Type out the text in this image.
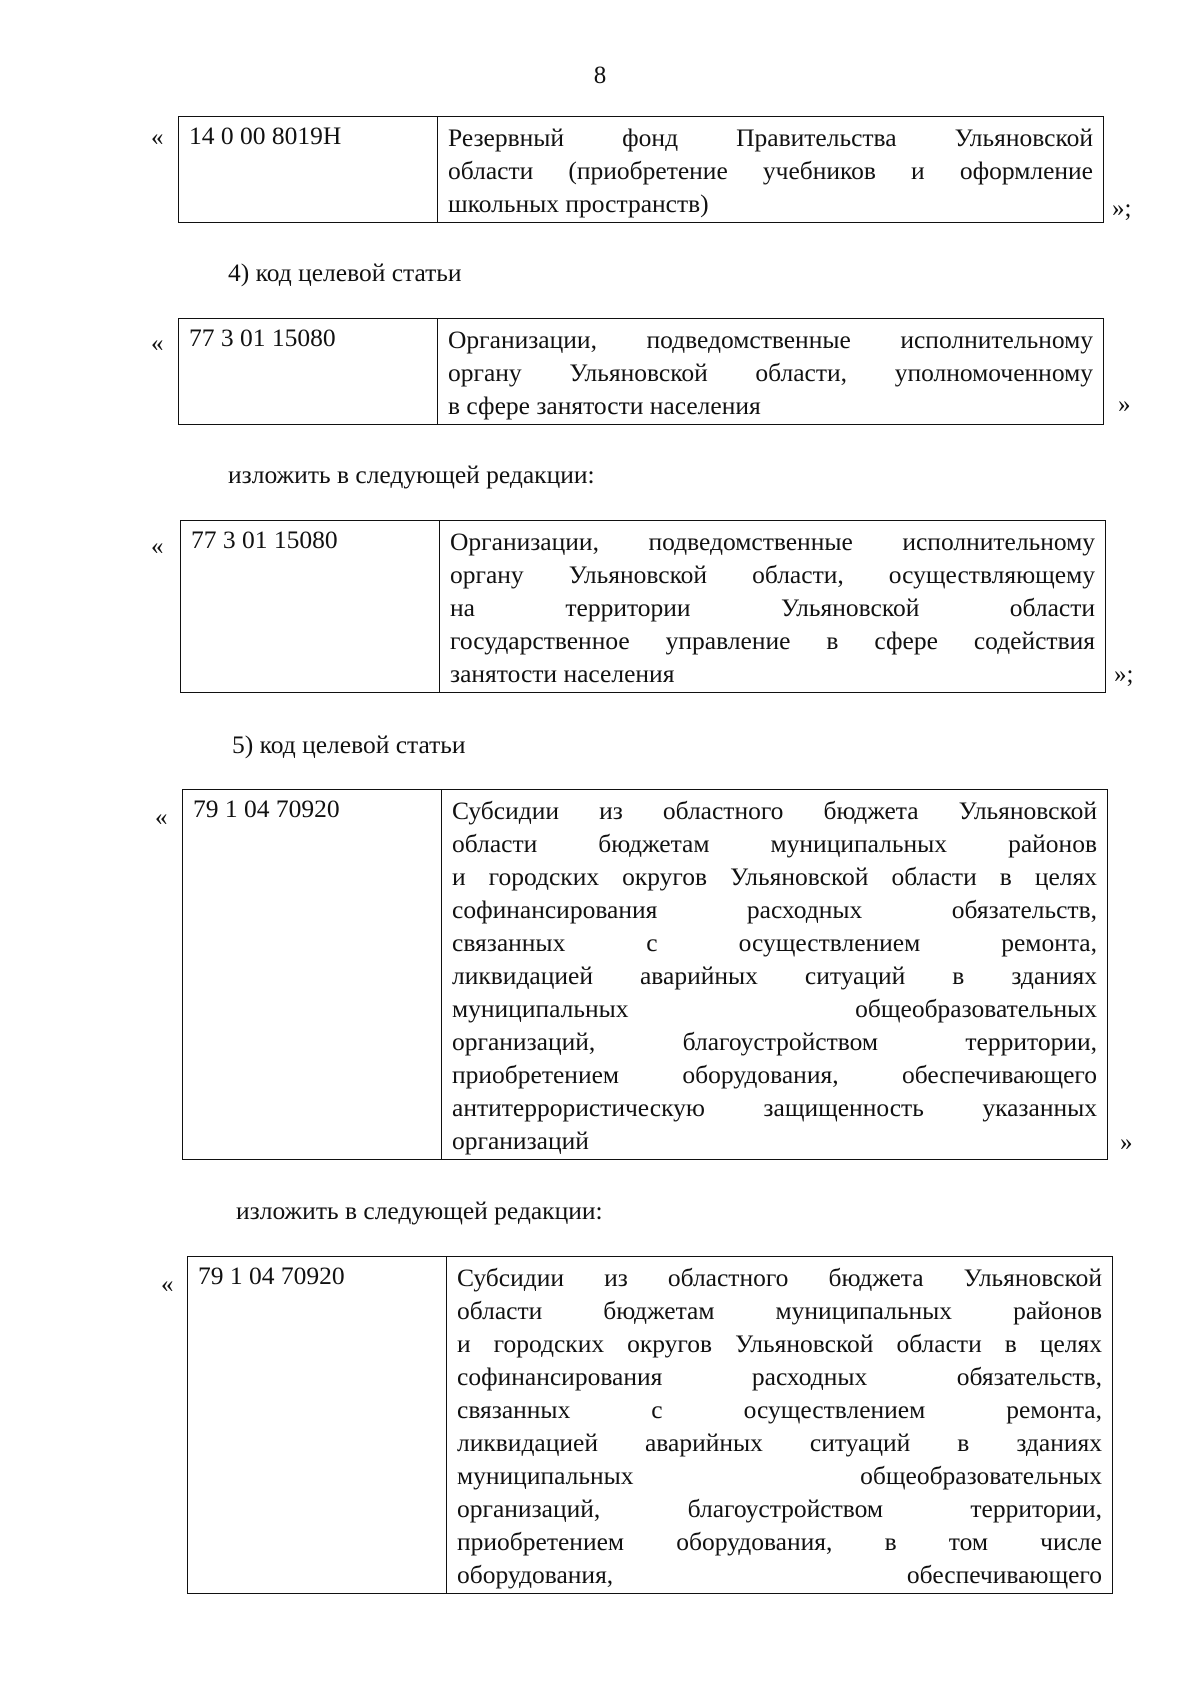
8
« 14 0 00 8019Н	Резервный фонд Правительства Ульяновской
области (приобретение учебников и оформление
школьных пространств)	»;
4) код целевой статьи
« 77 3 01 15080	Организации, подведомственные исполнительному
органу Ульяновской области, уполномоченному
в сфере занятости населения	»
изложить в следующей редакции:
« 77 3 01 15080	Организации, подведомственные исполнительному
органу Ульяновской области, осуществляющему
на территории Ульяновской области
государственное управление в сфере содействия
занятости населения	»;
5) код целевой статьи
« 79 1 04 70920	Субсидии из областного бюджета Ульяновской
области бюджетам муниципальных районов
и городских округов Ульяновской области в целях
софинансирования расходных обязательств,
связанных с осуществлением ремонта,
ликвидацией аварийных ситуаций в зданиях
муниципальных общеобразовательных
организаций, благоустройством территории,
приобретением оборудования, обеспечивающего
антитеррористическую защищенность указанных
организаций	»
изложить в следующей редакции:
« 79 1 04 70920	Субсидии из областного бюджета Ульяновской
области бюджетам муниципальных районов
и городских округов Ульяновской области в целях
софинансирования расходных обязательств,
связанных с осуществлением ремонта,
ликвидацией аварийных ситуаций в зданиях
муниципальных общеобразовательных
организаций, благоустройством территории,
приобретением оборудования, в том числе
оборудования, обеспечивающего
